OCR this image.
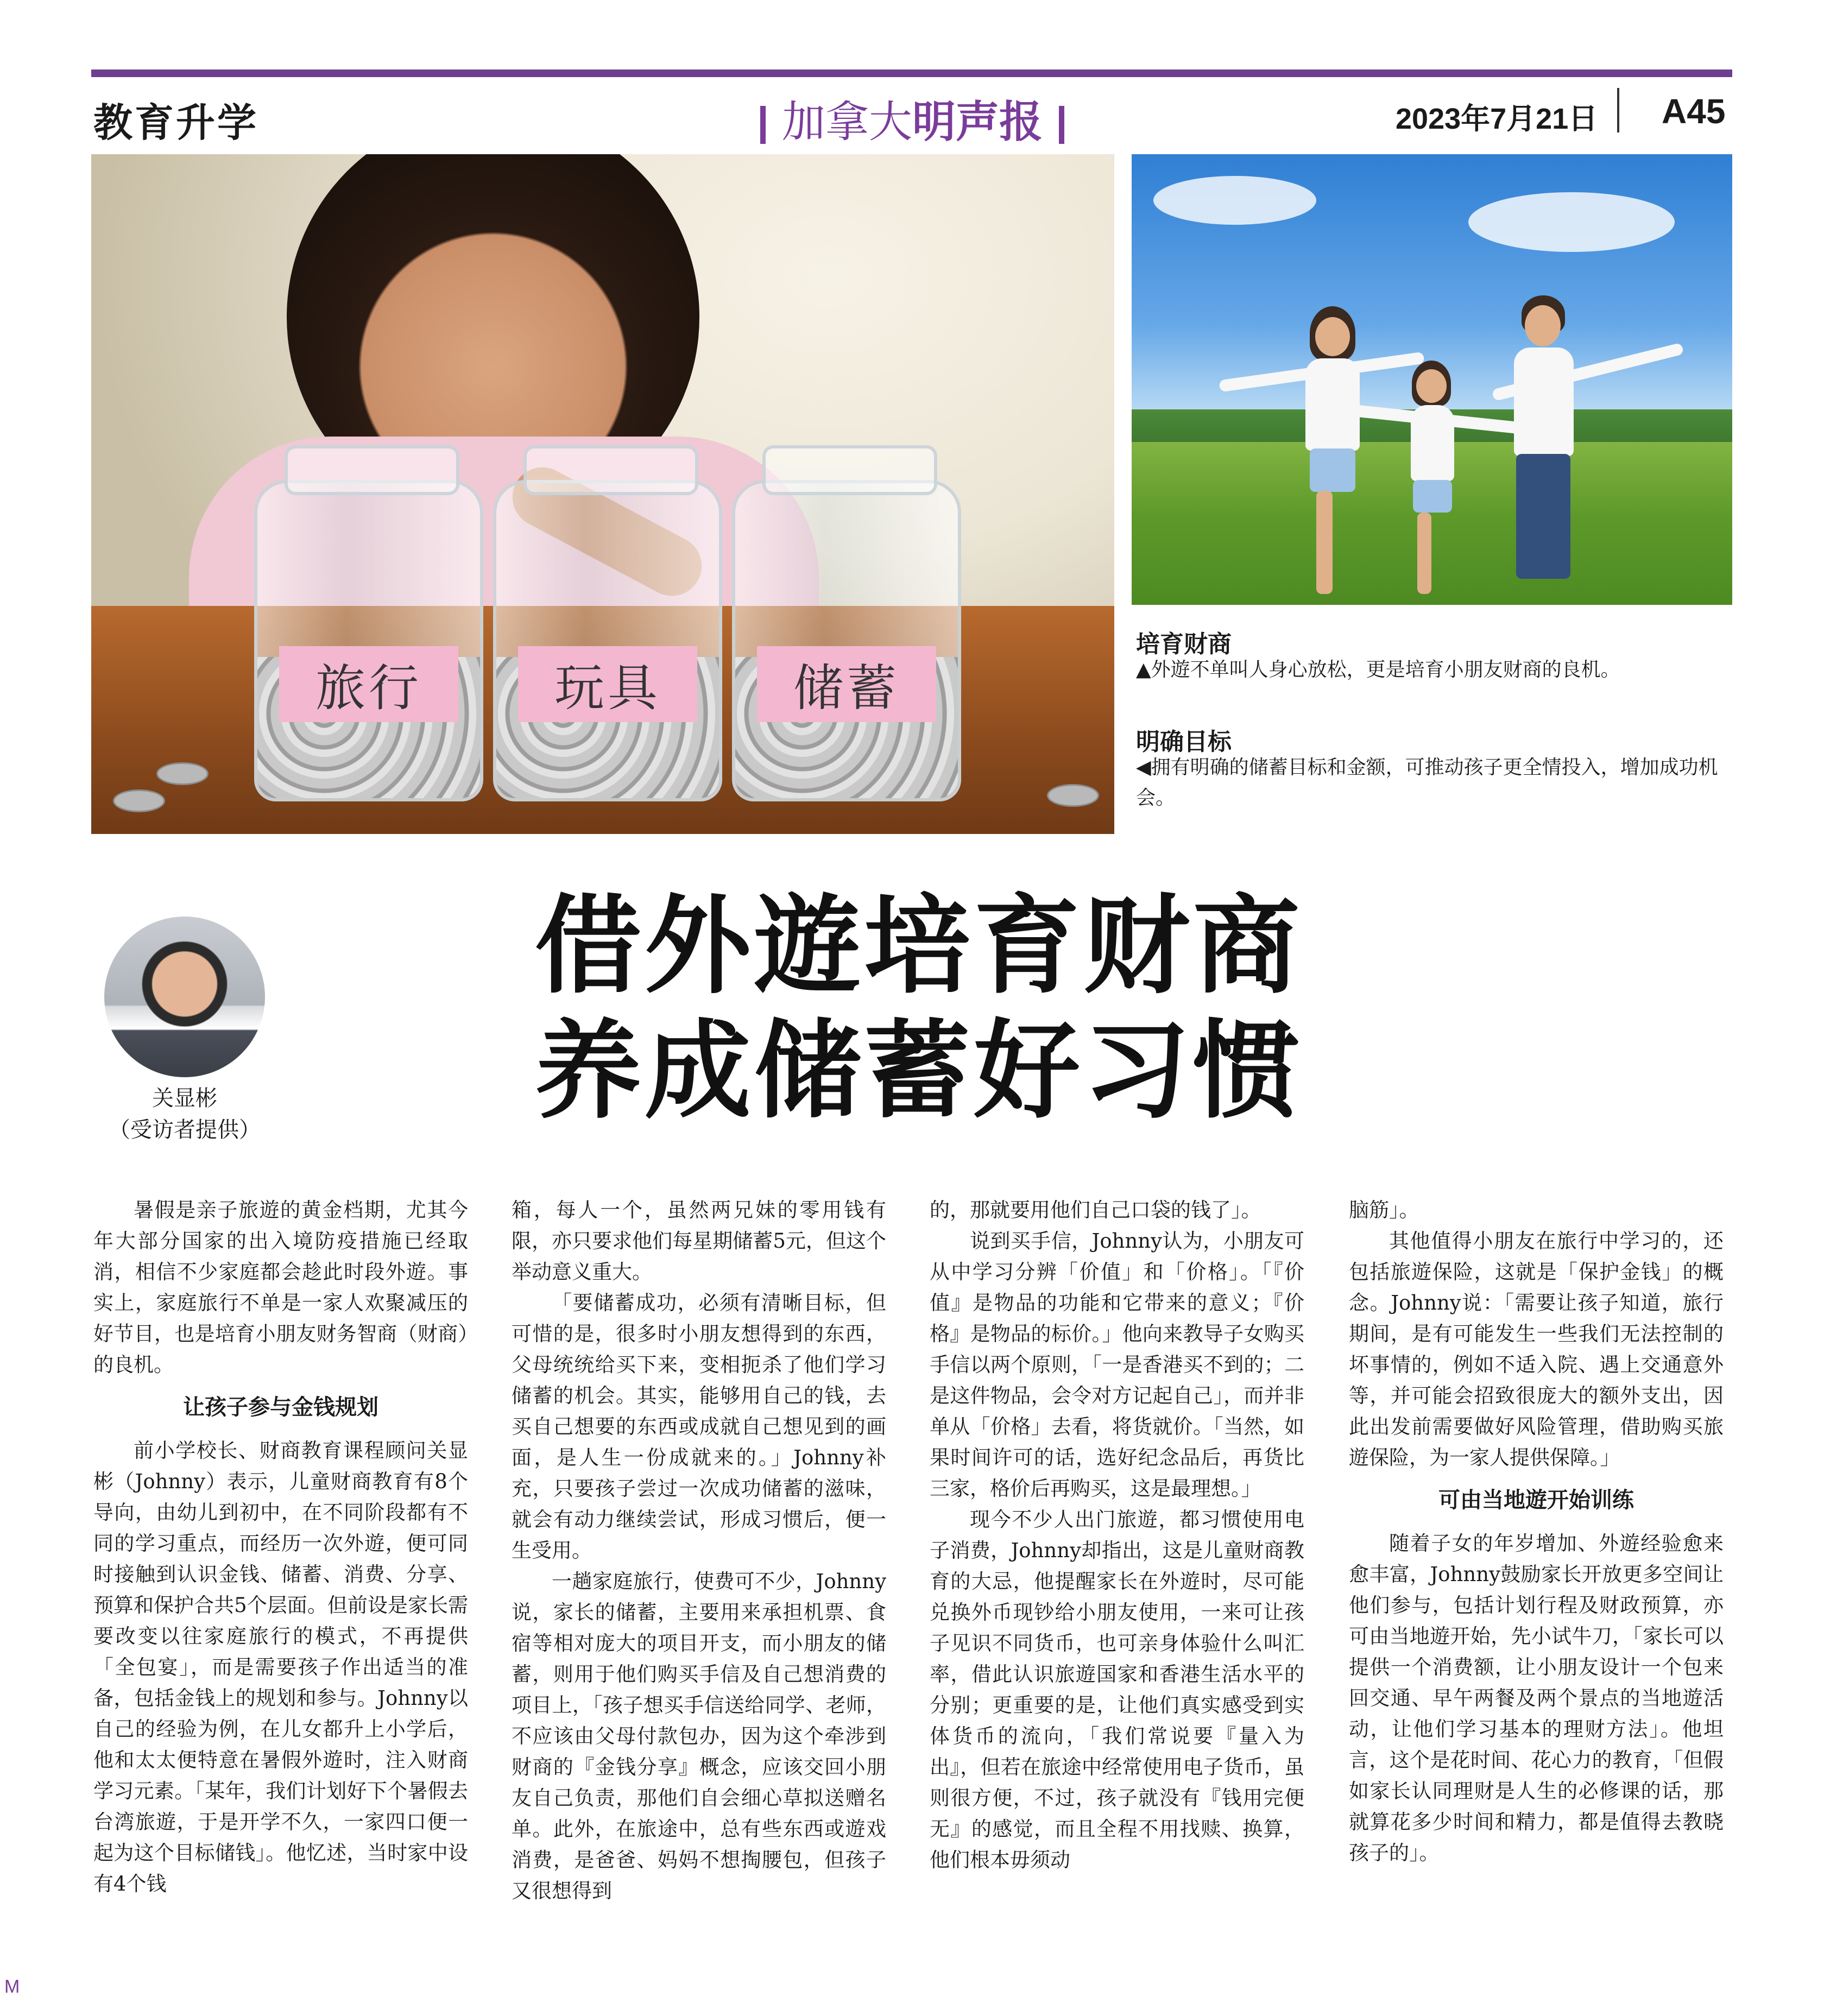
教育升学	加拿大明声报	2023年7月21日 A45
旅行	玩具	储蓄
培育财商
▲外遊不单叫人身心放松，更是培育小朋友财商的良机。
明确目标
◀拥有明确的储蓄目标和金额，可推动孩子更全情投入，增加成功机会。
关显彬
（受访者提供）
借外遊培育财商
养成储蓄好习惯

暑假是亲子旅遊的黄金档期，尤其今年大部分国家的出入境防疫措施已经取消，相信不少家庭都会趁此时段外遊。事实上，家庭旅行不单是一家人欢聚减压的好节目，也是培育小朋友财务智商（财商）的良机。

让孩子参与金钱规划

前小学校长、财商教育课程顾问关显彬（Johnny）表示，儿童财商教育有8个导向，由幼儿到初中，在不同阶段都有不同的学习重点，而经历一次外遊，便可同时接触到认识金钱、储蓄、消费、分享、预算和保护合共5个层面。但前设是家长需要改变以往家庭旅行的模式，不再提供「全包宴」，而是需要孩子作出适当的准备，包括金钱上的规划和参与。Johnny以自己的经验为例，在儿女都升上小学后，他和太太便特意在暑假外遊时，注入财商学习元素。「某年，我们计划好下个暑假去台湾旅遊，于是开学不久，一家四口便一起为这个目标储钱」。他忆述，当时家中设有4个钱

箱，每人一个，虽然两兄妹的零用钱有限，亦只要求他们每星期储蓄5元，但这个举动意义重大。

「要储蓄成功，必须有清晰目标，但可惜的是，很多时小朋友想得到的东西，父母统统给买下来，变相扼杀了他们学习储蓄的机会。其实，能够用自己的钱，去买自己想要的东西或成就自己想见到的画面，是人生一份成就来的。」Johnny补充，只要孩子尝过一次成功储蓄的滋味，就会有动力继续尝试，形成习惯后，便一生受用。

一趟家庭旅行，使费可不少，Johnny说，家长的储蓄，主要用来承担机票、食宿等相对庞大的项目开支，而小朋友的储蓄，则用于他们购买手信及自己想消费的项目上，「孩子想买手信送给同学、老师，不应该由父母付款包办，因为这个牵涉到财商的『金钱分享』概念，应该交回小朋友自己负责，那他们自会细心草拟送赠名单。此外，在旅途中，总有些东西或遊戏消费，是爸爸、妈妈不想掏腰包，但孩子又很想得到

的，那就要用他们自己口袋的钱了」。

说到买手信，Johnny认为，小朋友可从中学习分辨「价值」和「价格」。「『价值』是物品的功能和它带来的意义；『价格』是物品的标价。」他向来教导子女购买手信以两个原则，「一是香港买不到的；二是这件物品，会令对方记起自己」，而并非单从「价格」去看，将货就价。「当然，如果时间许可的话，选好纪念品后，再货比三家，格价后再购买，这是最理想。」

现今不少人出门旅遊，都习惯使用电子消费，Johnny却指出，这是儿童财商教育的大忌，他提醒家长在外遊时，尽可能兑换外币现钞给小朋友使用，一来可让孩子见识不同货币，也可亲身体验什么叫汇率，借此认识旅遊国家和香港生活水平的分别；更重要的是，让他们真实感受到实体货币的流向，「我们常说要『量入为出』，但若在旅途中经常使用电子货币，虽则很方便，不过，孩子就没有『钱用完便无』的感觉，而且全程不用找赎、换算，他们根本毋须动

脑筋」。

其他值得小朋友在旅行中学习的，还包括旅遊保险，这就是「保护金钱」的概念。Johnny说：「需要让孩子知道，旅行期间，是有可能发生一些我们无法控制的坏事情的，例如不适入院、遇上交通意外等，并可能会招致很庞大的额外支出，因此出发前需要做好风险管理，借助购买旅遊保险，为一家人提供保障。」

可由当地遊开始训练

随着子女的年岁增加、外遊经验愈来愈丰富，Johnny鼓励家长开放更多空间让他们参与，包括计划行程及财政预算，亦可由当地遊开始，先小试牛刀，「家长可以提供一个消费额，让小朋友设计一个包来回交通、早午两餐及两个景点的当地遊活动，让他们学习基本的理财方法」。他坦言，这个是花时间、花心力的教育，「但假如家长认同理财是人生的必修课的话，那就算花多少时间和精力，都是值得去教晓孩子的」。

M
